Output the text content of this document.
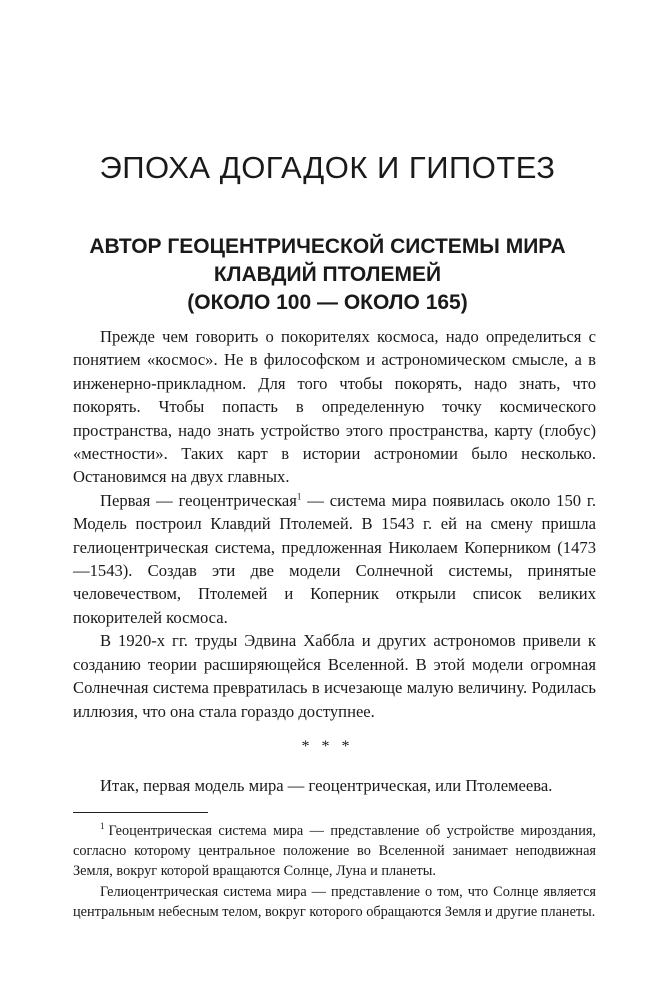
ЭПОХА ДОГАДОК И ГИПОТЕЗ
АВТОР ГЕОЦЕНТРИЧЕСКОЙ СИСТЕМЫ МИРА
КЛАВДИЙ ПТОЛЕМЕЙ
(ОКОЛО 100 — ОКОЛО 165)

Прежде чем говорить о покорителях космоса, надо определиться с понятием «космос». Не в философском и астрономическом смысле, а в инженерно-прикладном. Для того чтобы покорять, надо знать, что покорять. Чтобы попасть в определенную точку космического пространства, надо знать устройство этого пространства, карту (глобус) «местности». Таких карт в истории астрономии было несколько. Остановимся на двух главных.

Первая — геоцентрическая$^1$ — система мира появилась около 150 г. Модель построил Клавдий Птолемей. В 1543 г. ей на смену пришла гелиоцентрическая система, предложенная Николаем Коперником (1473—1543). Создав эти две модели Солнечной системы, принятые человечеством, Птолемей и Коперник открыли список великих покорителей космоса.

В 1920-х гг. труды Эдвина Хаббла и других астрономов привели к созданию теории расширяющейся Вселенной. В этой модели огромная Солнечная система превратилась в исчезающе малую величину. Родилась иллюзия, что она стала гораздо доступнее.

* * *

Итак, первая модель мира — геоцентрическая, или Птолемеева.

$^1$ Геоцентрическая система мира — представление об устройстве мироздания, согласно которому центральное положение во Вселенной занимает неподвижная Земля, вокруг которой вращаются Солнце, Луна и планеты.

Гелиоцентрическая система мира — представление о том, что Солнце является центральным небесным телом, вокруг которого обращаются Земля и другие планеты.
